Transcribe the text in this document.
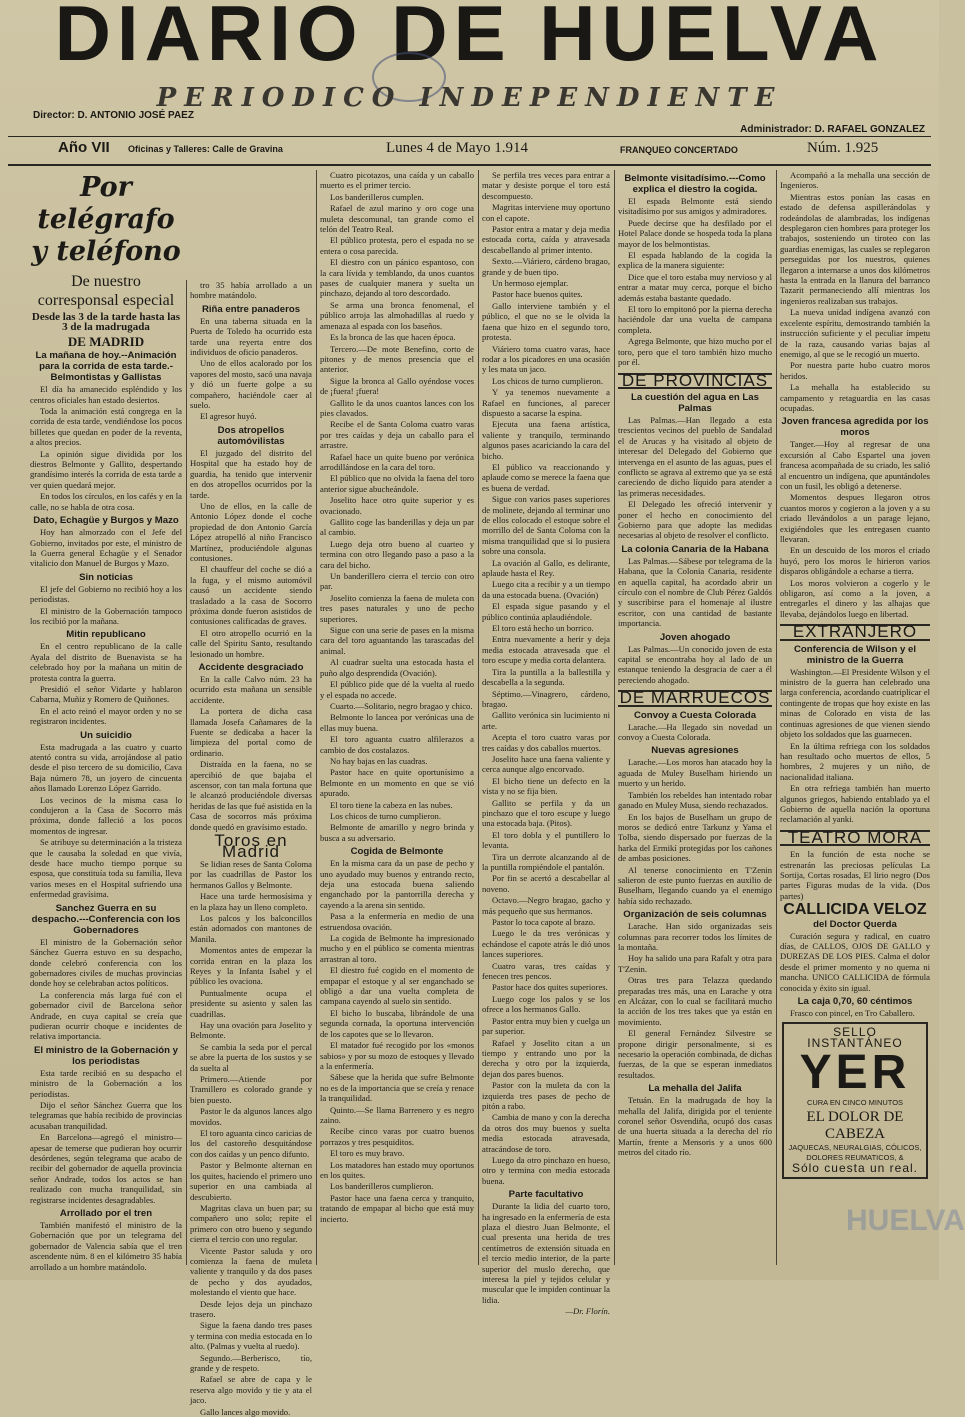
DIARIO DE HUELVA
PERIODICO INDEPENDIENTE
Director: D. ANTONIO JOSÉ PAEZ
Administrador: D. RAFAEL GONZALEZ
Año VII Oficinas y Talleres: Calle de Gravina	Lunes 4 de Mayo 1.914	FRANQUEO CONCERTADO	Núm. 1.925
Por telégrafo y teléfono
De nuestro corresponsal especial
Desde las 3 de la tarde hasta las 3 de la madrugada
DE MADRID
La mañana de hoy.--Animación para la corrida de esta tarde.-Belmontistas y Gallistas

El día ha amanecido espléndido y los centros oficiales han estado desiertos.

Toda la animación está congrega en la corrida de esta tarde, vendiéndose los pocos billetes que quedan en poder de la reventa, a altos precios.

La opinión sigue dividida por los diestros Belmonte y Gallito, despertando grandísimo interés la corrida de esta tarde a ver quien quedará mejor.

En todos los círculos, en los cafés y en la calle, no se habla de otra cosa.

Dato, Echagüe y Burgos y Mazo

Hoy han almorzado con el Jefe del Gobierno, invitados por este, el ministro de la Guerra general Echagüe y el Senador vitalicio don Manuel de Burgos y Mazo.

Sin noticias

El jefe del Gobierno no recibió hoy a los periodistas.

El ministro de la Gobernación tampoco los recibió por la mañana.

Mitin republicano

En el centro republicano de la calle Ayala del distrito de Buenavista se ha celebrado hoy por la mañana un mitin de protesta contra la guerra.

Presidió el señor Vidarte y hablaron Cabarna, Muñiz y Romero de Quiñones.

En el acto reinó el mayor orden y no se registraron incidentes.

Un suicidio

Esta madrugada a las cuatro y cuarto atentó contra su vida, arrojándose al patio desde el piso tercero de su domicilio, Cava Baja número 78, un joyero de cincuenta años llamado Lorenzo López Garrido.

Los vecinos de la misma casa lo condujeron a la Casa de Socorro más próxima, donde falleció a los pocos momentos de ingresar.

Se atribuye su determinación a la tristeza que le causaba la soledad en que vivía, desde hace mucho tiempo porque su esposa, que constituía toda su familia, lleva varios meses en el Hospital sufriendo una enfermedad gravísima.

Sanchez Guerra en su despacho.---Conferencia con los Gobernadores

El ministro de la Gobernación señor Sánchez Guerra estuvo en su despacho, donde celebró conferencia con los gobernadores civiles de muchas provincias donde hoy se celebraban actos políticos.

La conferencia más larga fué con el gobernador civil de Barcelona señor Andrade, en cuya capital se creía que pudieran ocurrir choque e incidentes de relativa importancia.

El ministro de la Gobernación y los periodistas

Esta tarde recibió en su despacho el ministro de la Gobernación a los periodistas.

Dijo el señor Sánchez Guerra que los telegramas que había recibido de provincias acusaban tranquilidad.

En Barcelona—agregó el ministro—apesar de temerse que pudieran hoy ocurrir desórdenes, según telegrama que acabo de recibir del gobernador de aquella provincia señor Andrade, todos los actos se han realizado con mucha tranquilidad, sin registrarse incidentes desagradables.

Arrollado por el tren

También manifestó el ministro de la Gobernación que por un telegrama del gobernador de Valencia sabía que el tren ascendente núm. 8 en el kilómetro 35 había arrollado a un hombre matándolo.

tro 35 había arrollado a un hombre matándolo.

Riña entre panaderos

En una taberna situada en la Puerta de Toledo ha ocurrido esta tarde una reyerta entre dos individuos de oficio panaderos.

Uno de ellos acalorado por los vapores del mosto, sacó una navaja y dió un fuerte golpe a su compañero, haciéndole caer al suelo.

El agresor huyó.

Dos atropellos automóvilistas

El juzgado del distrito del Hospital que ha estado hoy de guardia, ha tenido que intervenir en dos atropellos ocurridos por la tarde.

Uno de ellos, en la calle de Antonio López donde el coche propiedad de don Antonio García López atropelló al niño Francisco Martínez, produciéndole algunas contusiones.

El chauffeur del coche se dió a la fuga, y el mismo automóvil causó un accidente siendo trasladado a la casa de Socorro próxima donde fueron asistidos de contusiones calificadas de graves.

El otro atropello ocurrió en la calle del Spiritu Santo, resultando lesionado un hombre.

Accidente desgraciado

En la calle Calvo núm. 23 ha ocurrido esta mañana un sensible accidente.

La portera de dicha casa llamada Josefa Cañamares de la Fuente se dedicaba a hacer la limpieza del portal como de ordinario.

Distraída en la faena, no se apercibió de que bajaba el ascensor, con tan mala fortuna que le alcanzó produciéndole diversas heridas de las que fué asistida en la Casa de socorros más próxima donde quedó en gravísimo estado.

Toros en Madrid

Se lidian reses de Santa Coloma por las cuadrillas de Pastor los hermanos Gallos y Belmonte.

Hace una tarde hermosísima y en la plaza hay un lleno completo.

Los palcos y los balconcillos están adornados con mantones de Manila.

Momentos antes de empezar la corrida entran en la plaza los Reyes y la Infanta Isabel y el público les ovaciona.

Puntualmente ocupa el presidente su asiento y salen las cuadrillas.

Hay una ovación para Joselito y Belmonte.

Se cambia la seda por el percal se abre la puerta de los sustos y se da suelta al

Primero.—Atiende por Tramillero es colorado grande y bien puesto.

Pastor le da algunos lances algo movidos.

El toro aguanta cinco caricias de los del castoreño desquitándose con dos caídas y un penco difunto.

Pastor y Belmonte alternan en los quites, haciendo el primero uno superior en una cambiada al descubierto.

Magritas clava un buen par; su compañero uno solo; repite el primero con otro bueno y segundo cierra el tercio con uno regular.

Vicente Pastor saluda y oro comienza la faena de muleta valiente y tranquilo y da dos pases de pecho y dos ayudados, molestando el viento que hace.

Desde lejos deja un pinchazo trasero.

Sigue la faena dando tres pases y termina con media estocada en lo alto. (Palmas y vuelta al ruedo).

Segundo.—Berberisco, tío, grande y de respeto.

Rafael se abre de capa y le reserva algo movido y tie y ata el jaco.

Gallo lances algo movido.

Cuatro picotazos, una caída y un caballo muerto es el primer tercio.

Los banderilleros cumplen.

Rafael de azul marino y oro coge una muleta descomunal, tan grande como el telón del Teatro Real.

El público protesta, pero el espada no se entera o cosa parecida.

El diestro con un pánico espantoso, con la cara lívida y temblando, da unos cuantos pases de cualquier manera y suelta un pinchazo, dejando al toro descordado.

Se arma una bronca fenomenal, el público arroja las almohadillas al ruedo y amenaza al espada con los baseños.

Es la bronca de las que hacen época.

Tercero.—De mote Benefino, corto de pitones y de menos presencia que el anterior.

Sigue la bronca al Gallo oyéndose voces de ¡fuera! ¡fuera!

Gallito le da unos cuantos lances con los pies clavados.

Recibe el de Santa Coloma cuatro varas por tres caídas y deja un caballo para el arrastre.

Rafael hace un quite bueno por verónica arrodillándose en la cara del toro.

El público que no olvida la faena del toro anterior sigue abucheándole.

Joselito hace otro quite superior y es ovacionado.

Gallito coge las banderillas y deja un par al cambio.

Luego deja otro bueno al cuarteo y termina con otro llegando paso a paso a la cara del bicho.

Un banderillero cierra el tercio con otro par.

Joselito comienza la faena de muleta con tres pases naturales y uno de pecho superiores.

Sigue con una serie de pases en la misma cara del toro aguantando las tarascadas del animal.

Al cuadrar suelta una estocada hasta el puño algo desprendida (Ovación).

El público pide que dé la vuelta al ruedo y el espada no accede.

Cuarto.—Solitario, negro bragao y chico.

Belmonte lo lancea por verónicas una de ellas muy buena.

El toro aguanta cuatro alfilerazos a cambio de dos costalazos.

No hay bajas en las cuadras.

Pastor hace en quite oportunísimo a Belmonte en un momento en que se vió apurado.

El toro tiene la cabeza en las nubes.

Los chicos de turno cumplieron.

Belmonte de amarillo y negro brinda y busca a su adversario.

Cogida de Belmonte

En la misma cara da un pase de pecho y uno ayudado muy buenos y entrando recto, deja una estocada buena saliendo enganchado por la pantorrilla derecha y cayendo a la arena sin sentido.

Pasa a la enfermería en medio de una estruendosa ovación.

La cogida de Belmonte ha impresionado mucho y en el público se comenta mientras arrastran al toro.

El diestro fué cogido en el momento de empapar el estoque y al ser enganchado se obligó a dar una vuelta completa de campana cayendo al suelo sin sentido.

El bicho lo buscaba, librándole de una segunda cornada, la oportuna intervención de los capotes que se lo llevaron.

El matador fué recogido por los «monos sabios» y por su mozo de estoques y llevado a la enfermería.

Sábese que la herida que sufre Belmonte no es de la importancia que se creía y renace la tranquilidad.

Quinto.—Se llama Barrenero y es negro zaino.

Recibe cinco varas por cuatro buenos porrazos y tres pesquiditos.

El toro es muy bravo.

Los matadores han estado muy oportunos en los quites.

Los banderilleros cumplieron.

Pastor hace una faena cerca y tranquito, tratando de empapar al bicho que está muy incierto.

Se perfila tres veces para entrar a matar y desiste porque el toro está descompuesto.

Magritas interviene muy oportuno con el capote.

Pastor entra a matar y deja media estocada corta, caída y atravesada descabellando al primer intento.

Sexto.—Viáriero, cárdeno bragao, grande y de buen tipo.

Un hermoso ejemplar.

Pastor hace buenos quites.

Gallo interviene también y el público, el que no se le olvida la faena que hizo en el segundo toro, protesta.

Viáriero toma cuatro varas, hace rodar a los picadores en una ocasión y les mata un jaco.

Los chicos de turno cumplieron.

Y ya tenemos nuevamente a Rafael en funciones, al parecer dispuesto a sacarse la espina.

Ejecuta una faena artística, valiente y tranquilo, terminando algunos pases acariciando la cara del bicho.

El público va reaccionando y aplaude como se merece la faena que es buena de verdad.

Sigue con varios pases superiores de molinete, dejando al terminar uno de ellos colocado el estoque sobre el morrillo del de Santa Coloma con la misma tranquilidad que si lo pusiera sobre una consola.

La ovación al Gallo, es delirante, aplaude hasta el Rey.

Luego cita a recibir y a un tiempo da una estocada buena. (Ovación)

El espada sigue pasando y el público continúa aplaudiéndole.

El toro está hecho un borrico.

Entra nuevamente a herir y deja media estocada atravesada que el toro escupe y media corta delantera.

Tira la puntilla a la ballestilla y descabella a la segunda.

Séptimo.—Vinagrero, cárdeno, bragao.

Gallito verónica sin lucimiento ni arte.

Acepta el toro cuatro varas por tres caídas y dos caballos muertos.

Joselito hace una faena valiente y cerca aunque algo encorvado.

El bicho tiene un defecto en la vista y no se fija bien.

Gallito se perfila y da un pinchazo que el toro escupe y luego una estocada baja. (Pitos).

El toro dobla y el puntillero lo levanta.

Tira un derrote alcanzando al de la puntilla rompiéndole el pantalón.

Por fin se acertó a descabellar al noveno.

Octavo.—Negro bragao, gacho y más pequeño que sus hermanos.

Pastor lo toca capote al brazo.

Luego le da tres verónicas y echándose el capote atrás le dió unos lances superiores.

Cuatro varas, tres caídas y fenecen tres pencos.

Pastor hace dos quites superiores.

Luego coge los palos y se los ofrece a los hermanos Gallo.

Pastor entra muy bien y cuelga un par superior.

Rafael y Joselito citan a un tiempo y entrando uno por la derecha y otro por la izquierda, dejan dos pares buenos.

Pastor con la muleta da con la izquierda tres pases de pecho de pitón a rabo.

Cambia de mano y con la derecha da otros dos muy buenos y suelta media estocada atravesada, atracándose de toro.

Luego da otro pinchazo en hueso, otro y termina con media estocada buena.

Parte facultativo

Durante la lidia del cuarto toro, ha ingresado en la enfermería de esta plaza el diestro Juan Belmonte, el cual presenta una herida de tres centímetros de extensión situada en el tercio medio interior, de la parte superior del muslo derecho, que interesa la piel y tejidos celular y muscular que le impiden continuar la lidia.

—Dr. Florín.
Belmonte visitadísimo.---Como explica el diestro la cogida.

El espada Belmonte está siendo visitadísimo por sus amigos y admiradores.

Puede decirse que ha desfilado por el Hotel Palace donde se hospeda toda la plana mayor de los belmontistas.

El espada hablando de la cogida la explica de la manera siguiente:

Dice que el toro estaba muy nervioso y al entrar a matar muy cerca, porque el bicho además estaba bastante quedado.

El toro lo empitonó por la pierna derecha haciéndole dar una vuelta de campana completa.

Agrega Belmonte, que hizo mucho por el toro, pero que el toro también hizo mucho por él.

DE PROVINCIAS
La cuestión del agua en Las Palmas

Las Palmas.—Han llegado a esta trescientos vecinos del pueblo de Sandalad el de Arucas y ha visitado al objeto de interesar del Delegado del Gobierno que intervenga en el asunto de las aguas, pues el conflicto se agrava al extremo que ya se está careciendo de dicho líquido para atender a las primeras necesidades.

El Delegado les ofreció intervenir y poner el hecho en conocimiento del Gobierno para que adopte las medidas necesarias al objeto de resolver el conflicto.

La colonia Canaria de la Habana

Las Palmas.—Sábese por telegrama de la Habana, que la Colonia Canaria, residente en aquella capital, ha acordado abrir un círculo con el nombre de Club Pérez Galdós y suscribirse para el homenaje al ilustre escritor, con una cantidad de bastante importancia.

Joven ahogado

Las Palmas.—Un conocido joven de esta capital se encontraba hoy al lado de un estanque teniendo la desgracia de caer a él pereciendo ahogado.

DE MARRUECOS
Convoy a Cuesta Colorada

Larache.—Ha llegado sin novedad un convoy a Cuesta Colorada.

Nuevas agresiones

Larache.—Los moros han atacado hoy la aguada de Muley Buselham hiriendo un muerto y un herido.

También los rebeldes han intentado robar ganado en Muley Musa, siendo rechazados.

En los bajos de Buselham un grupo de moros se dedicó entre Tarkunz y Yama el Tolba, siendo dispersado por fuerzas de la harka del Ermikí protegidas por los cañones de ambas posiciones.

Al tenerse conocimiento en T'Zenin salieron de este punto fuerzas en auxilio de Buselham, llegando cuando ya el enemigo había sido rechazado.

Organización de seis columnas

Larache. Han sido organizadas seis columnas para recorrer todos los límites de la montaña.

Hoy ha salido una para Rafalt y otra para T'Zenin.

Otras tres para Telazza quedando preparadas tres más, una en Larache y otra en Alcázar, con lo cual se facilitará mucho la acción de los tres takes que ya están en movimiento.

El general Fernández Silvestre se propone dirigir personalmente, si es necesario la operación combinada, de dichas fuerzas, de la que se esperan inmediatos resultados.

La mehalla del Jalifa

Tetuán. En la madrugada de hoy la mehalla del Jalifa, dirigida por el teniente coronel señor Osvendiña, ocupó dos casas de una huerta situada a la derecha del río Martín, frente a Mensoris y a unos 600 metros del citado río.

Acompañó a la mehalla una sección de Ingenieros.

Mientras estos ponían las casas en estado de defensa aspillerándolas y rodeándolas de alambradas, los indígenas desplegaron cien hombres para proteger los trabajos, sosteniendo un tiroteo con las guardias enemigas, las cuales se replegaron perseguidas por los nuestros, quienes llegaron a internarse a unos dos kilómetros hasta la entrada en la llanura del barranco Tazarit permaneciendo allí mientras los ingenieros realizaban sus trabajos.

La nueva unidad indígena avanzó con excelente espíritu, demostrando también la instrucción suficiente y el peculiar ímpetu de la raza, causando varias bajas al enemigo, al que se le recogió un muerto.

Por nuestra parte hubo cuatro moros heridos.

La mehalla ha establecido su campamento y retaguardia en las casas ocupadas.

Joven francesa agredida por los moros

Tanger.—Hoy al regresar de una excursión al Cabo Espartel una joven francesa acompañada de su criado, les salió al encuentro un indígena, que apuntándoles con un fusil, les obligó a detenerse.

Momentos despues llegaron otros cuantos moros y cogieron a la joven y a su criado llevándolos a un parage lejano, exigiéndoles que les entregasen cuanto llevaran.

En un descuido de los moros el criado huyó, pero los moros le hirieron varios disparos obligándole a echarse a tierra.

Los moros volvieron a cogerlo y le obligaron, así como a la joven, a entregarles el dinero y las alhajas que llevaba, dejándolos luego en libertad.

EXTRANJERO
Conferencia de Wilson y el ministro de la Guerra

Washington.—El Presidente Wilson y el ministro de la guerra han celebrado una larga conferencia, acordando cuatriplicar el contingente de tropas que hoy existe en las minas de Colorado en vista de las continuas agresiones de que vienen siendo objeto los soldados que las guarnecen.

En la última refriega con los soldados han resultado ocho muertos de ellos, 5 hombres, 2 mujeres y un niño, de nacionalidad italiana.

En otra refriega también han muerto algunos griegos, habiendo entablado ya el Gobierno de aquella nación la oportuna reclamación al yanki.

TEATRO MORA

En la función de esta noche se estrenarán las preciosas películas La Sortija, Cortas rosadas, El lirio negro (Dos partes Figuras mudas de la vida. (Dos partes)

CALLICIDA VELOZ
del Doctor Querda

Curación segura y radical, en cuatro días, de CALLOS, OJOS DE GALLO y DUREZAS DE LOS PIES. Calma el dolor desde el primer momento y no quema ni mancha. UNICO CALLICIDA de fórmula conocida y éxito sin igual.

La caja 0,70, 60 céntimos

Frasco con pincel, en Tro Caballero.

SELLO INSTANTÁNEO
YER
CURA EN CINCO MINUTOS
EL DOLOR DE CABEZA
JAQUECAS, NEURALGIAS, CÓLICOS, DOLORES REUMATICOS, &
Sólo cuesta un real.
HUELVA
